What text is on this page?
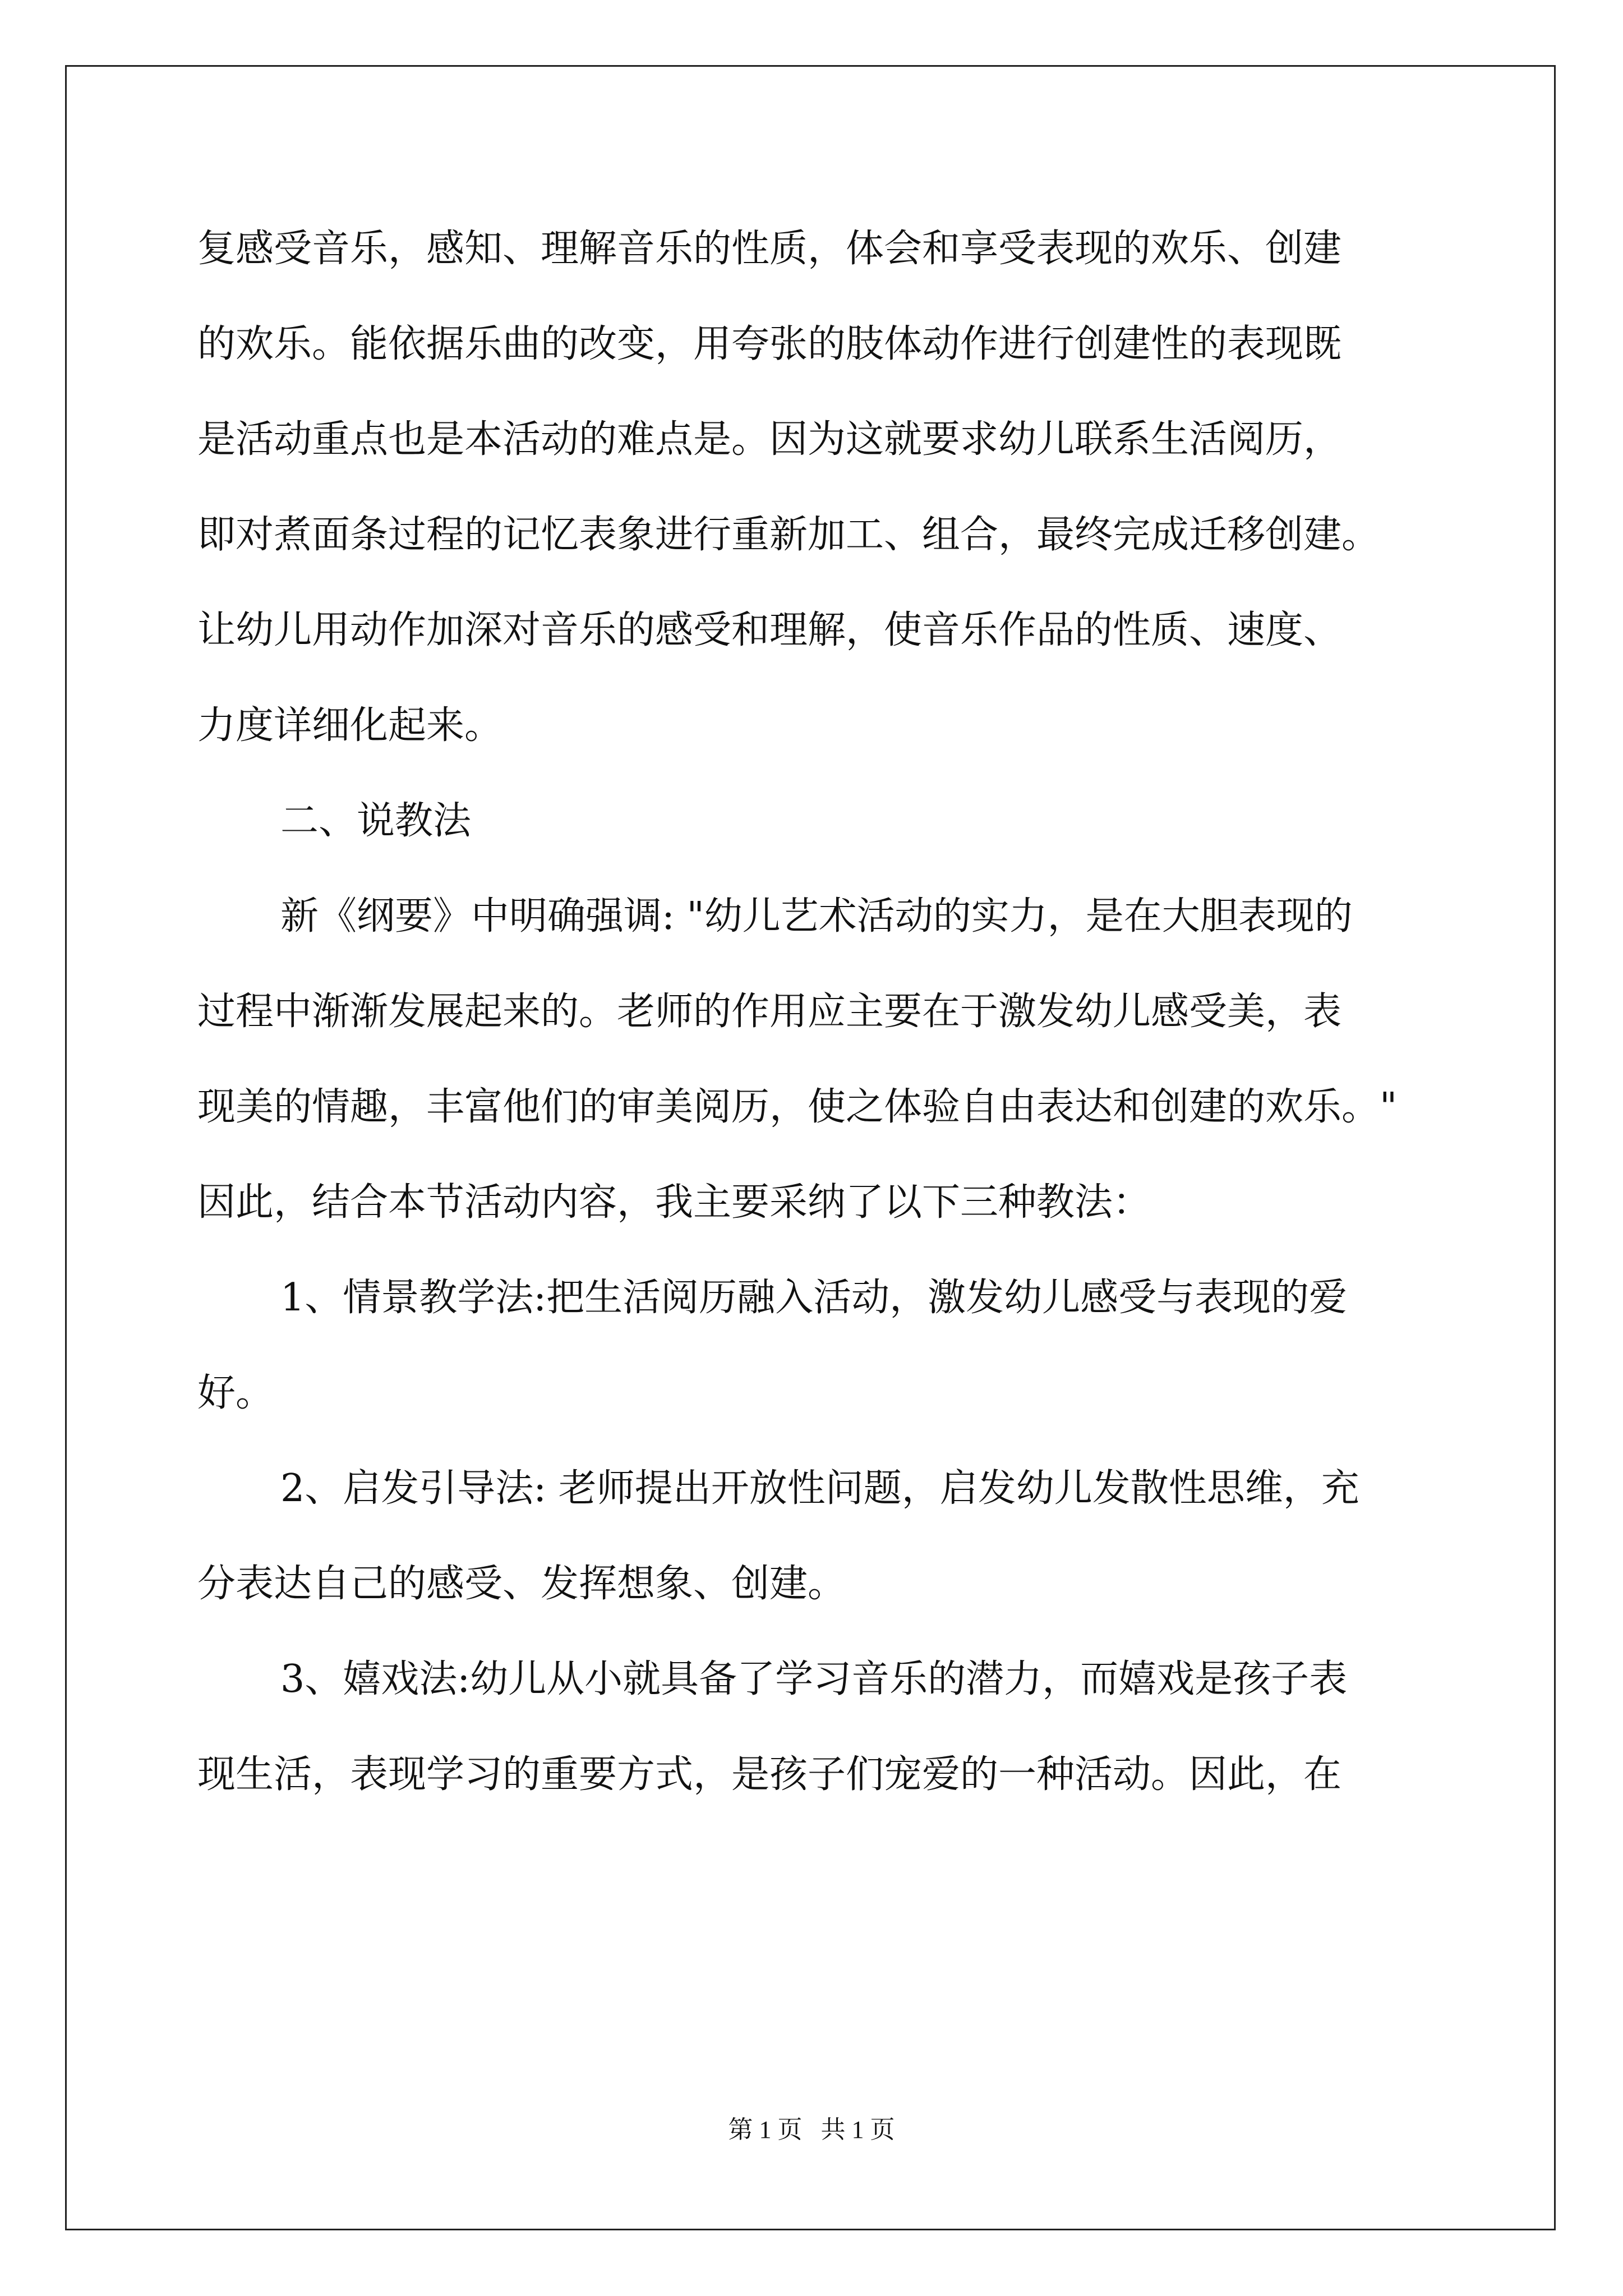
复感受音乐，感知、理解音乐的性质，体会和享受表现的欢乐、创建
的欢乐。能依据乐曲的改变，用夸张的肢体动作进行创建性的表现既
是活动重点也是本活动的难点是。因为这就要求幼儿联系生活阅历，
即对煮面条过程的记忆表象进行重新加工、组合，最终完成迁移创建。
让幼儿用动作加深对音乐的感受和理解，使音乐作品的性质、速度、
力度详细化起来。
二、说教法
新《纲要》中明确强调: "幼儿艺术活动的实力，是在大胆表现的
过程中渐渐发展起来的。老师的作用应主要在于激发幼儿感受美，表
现美的情趣，丰富他们的审美阅历，使之体验自由表达和创建的欢乐。"
因此，结合本节活动内容，我主要采纳了以下三种教法：
1、情景教学法:把生活阅历融入活动，激发幼儿感受与表现的爱
好。
2、启发引导法: 老师提出开放性问题，启发幼儿发散性思维，充
分表达自己的感受、发挥想象、创建。
3、嬉戏法:幼儿从小就具备了学习音乐的潜力，而嬉戏是孩子表
现生活，表现学习的重要方式，是孩子们宠爱的一种活动。因此，在
第 1 页 共 1 页
